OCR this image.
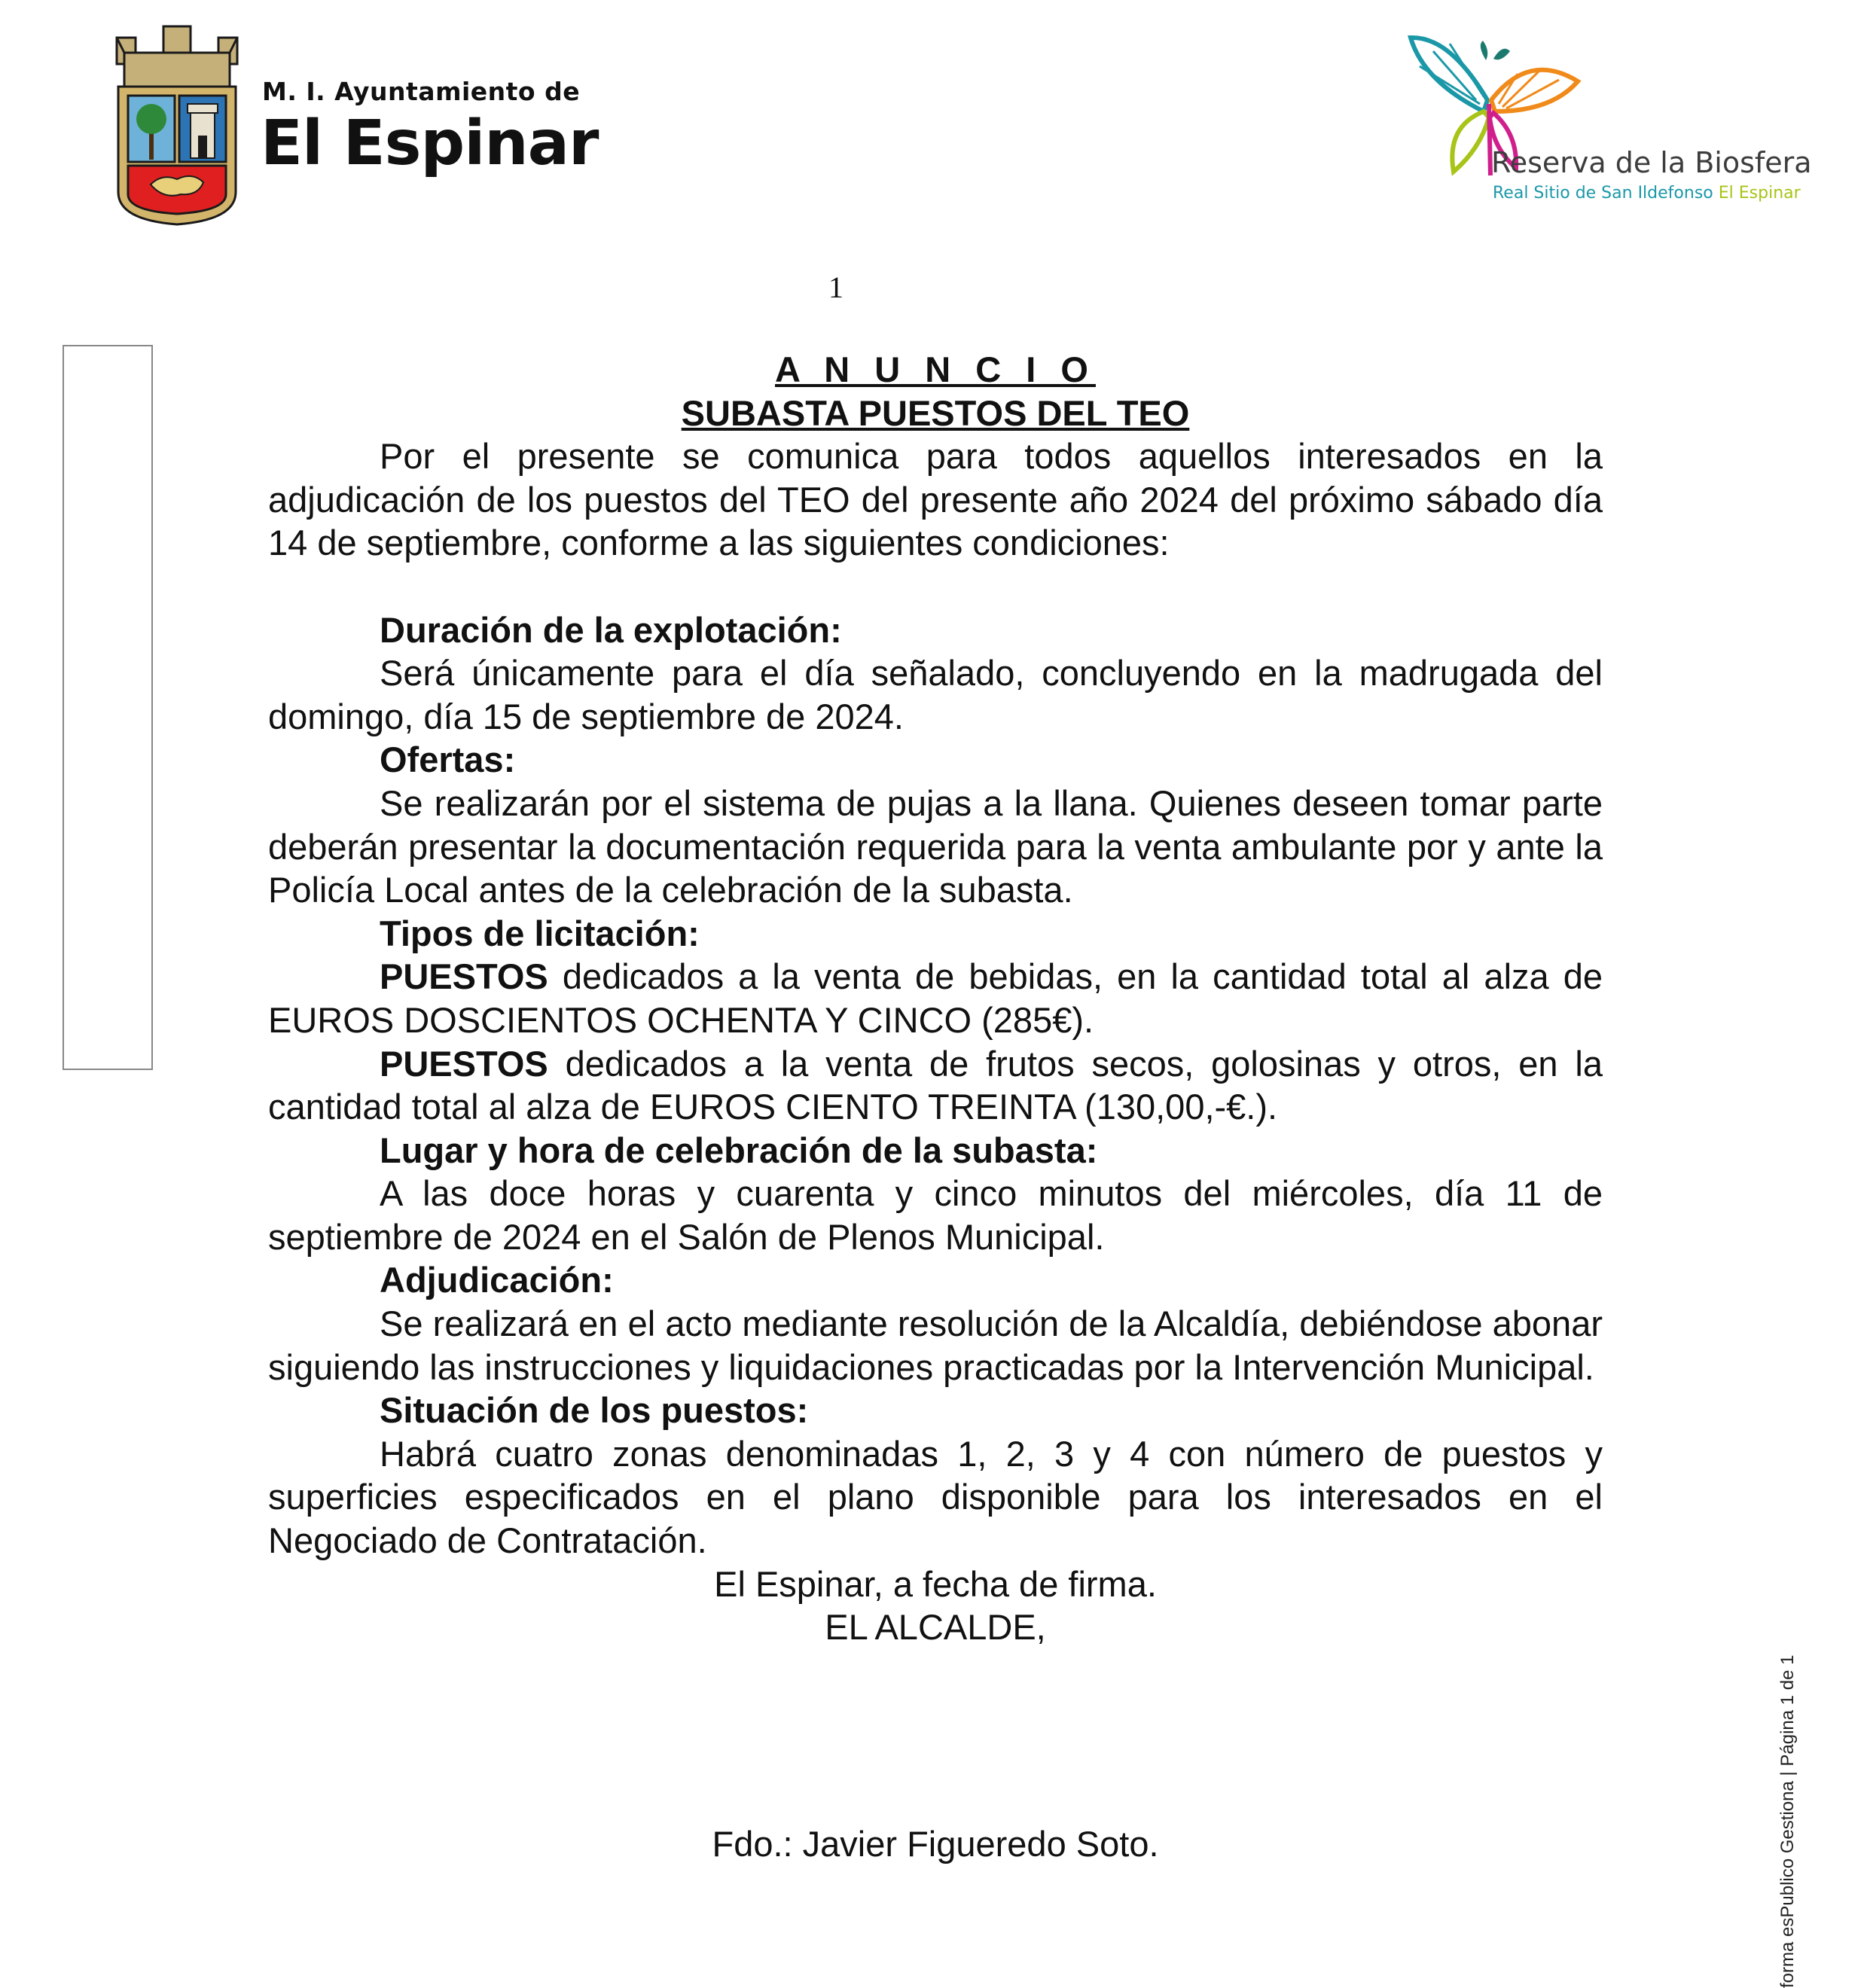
M. I. Ayuntamiento de
El Espinar	Reserva de la Biosfera
Real Sitio de San Ildefonso El Espinar
1

A N U N C I O

SUBASTA PUESTOS DEL TEO

Por el presente se comunica para todos aquellos interesados en la adjudicación de los puestos del TEO del presente año 2024 del próximo sábado día 14 de septiembre, conforme a las siguientes condiciones:

Duración de la explotación:

Será únicamente para el día señalado, concluyendo en la madrugada del domingo, día 15 de septiembre de 2024.

Ofertas:

Se realizarán por el sistema de pujas a la llana. Quienes deseen tomar parte deberán presentar la documentación requerida para la venta ambulante por y ante la Policía Local antes de la celebración de la subasta.

Tipos de licitación:

PUESTOS dedicados a la venta de bebidas, en la cantidad total al alza de EUROS DOSCIENTOS OCHENTA Y CINCO (285€).

PUESTOS dedicados a la venta de frutos secos, golosinas y otros, en la cantidad total al alza de EUROS CIENTO TREINTA (130,00,-€.).

Lugar y hora de celebración de la subasta:

A las doce horas y cuarenta y cinco minutos del miércoles, día 11 de septiembre de 2024 en el Salón de Plenos Municipal.

Adjudicación:

Se realizará en el acto mediante resolución de la Alcaldía, debiéndose abonar siguiendo las instrucciones y liquidaciones practicadas por la Intervención Municipal.

Situación de los puestos:

Habrá cuatro zonas denominadas 1, 2, 3 y 4 con número de puestos y superficies especificados en el plano disponible para los interesados en el Negociado de Contratación.

El Espinar, a fecha de firma.

EL ALCALDE,

Fdo.: Javier Figueredo Soto.	forma esPublico Gestiona | Página 1 de 1
